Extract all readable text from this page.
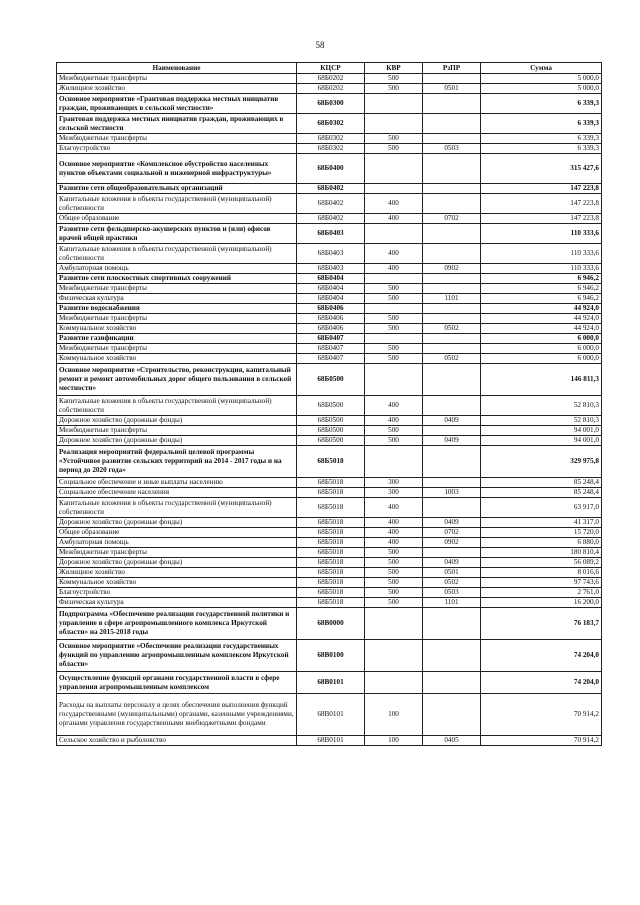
58
Наименование	КЦСР	КВР	РзПР	Сумма
Межбюджетные трансферты	68Б0202	500		5 000,0
Жилищное хозяйство	68Б0202	500	0501	5 000,0
Основное мероприятие «Грантовая поддержка местных инициатив граждан, проживающих в сельской местности»	68Б0300			6 339,3
Грантовая поддержка местных инициатив граждан, проживающих в сельской местности	68Б0302			6 339,3
Межбюджетные трансферты	68Б0302	500		6 339,3
Благоустройство	68Б0302	500	0503	6 339,3
Основное мероприятие «Комплексное обустройство населенных пунктов объектами социальной и инженерной инфраструктуры»	68Б0400			315 427,6
Развитие сети общеобразовательных организаций	68Б0402			147 223,8
Капитальные вложения в объекты государственной (муниципальной) собственности	68Б0402	400		147 223,8
Общее образование	68Б0402	400	0702	147 223,8
Развитие сети фельдшерско-акушерских пунктов и (или) офисов врачей общей практики	68Б0403			110 333,6
Капитальные вложения в объекты государственной (муниципальной) собственности	68Б0403	400		110 333,6
Амбулаторная помощь	68Б0403	400	0902	110 333,6
Развитие сети плоскостных спортивных сооружений	68Б0404			6 946,2
Межбюджетные трансферты	68Б0404	500		6 946,2
Физическая культура	68Б0404	500	1101	6 946,2
Развитие водоснабжения	68Б0406			44 924,0
Межбюджетные трансферты	68Б0406	500		44 924,0
Коммунальное хозяйство	68Б0406	500	0502	44 924,0
Развитие газификации	68Б0407			6 000,0
Межбюджетные трансферты	68Б0407	500		6 000,0
Коммунальное хозяйство	68Б0407	500	0502	6 000,0
Основное мероприятие «Строительство, реконструкция, капитальный ремонт и ремонт автомобильных дорог общего пользования в сельской местности»	68Б0500			146 811,3
Капитальные вложения в объекты государственной (муниципальной) собственности	68Б0500	400		52 810,3
Дорожное хозяйство (дорожные фонды)	68Б0500	400	0409	52 810,3
Межбюджетные трансферты	68Б0500	500		94 001,0
Дорожное хозяйство (дорожные фонды)	68Б0500	500	0409	94 001,0
Реализация мероприятий федеральной целевой программы «Устойчивое развитие сельских территорий на 2014 - 2017 годы и на период до 2020 года»	68Б5018			329 975,8
Социальное обеспечение и иные выплаты населению	68Б5018	300		85 248,4
Социальное обеспечение населения	68Б5018	300	1003	85 248,4
Капитальные вложения в объекты государственной (муниципальной) собственности	68Б5018	400		63 917,0
Дорожное хозяйство (дорожные фонды)	68Б5018	400	0409	41 317,0
Общее образование	68Б5018	400	0702	15 720,0
Амбулаторная помощь	68Б5018	400	0902	6 880,0
Межбюджетные трансферты	68Б5018	500		180 810,4
Дорожное хозяйство (дорожные фонды)	68Б5018	500	0409	56 089,2
Жилищное хозяйство	68Б5018	500	0501	8 016,6
Коммунальное хозяйство	68Б5018	500	0502	97 743,6
Благоустройство	68Б5018	500	0503	2 761,0
Физическая культура	68Б5018	500	1101	16 200,0
Подпрограмма «Обеспечение реализации государственной политики и управление в сфере агропромышленного комплекса Иркутской области» на 2015-2018 годы	68В0000			76 183,7
Основное мероприятие «Обеспечение реализации государственных функций по управлению агропромышленным комплексом Иркутской области»	68В0100			74 204,0
Осуществление функций органами государственной власти в сфере управления агропромышленным комплексом	68В0101			74 204,0
Расходы на выплаты персоналу в целях обеспечения выполнения функций государственными (муниципальными) органами, казенными учреждениями, органами управления государственными внебюджетными фондами	68В0101	100		70 914,2
Сельское хозяйство и рыболовство	68В0101	100	0405	70 914,2
